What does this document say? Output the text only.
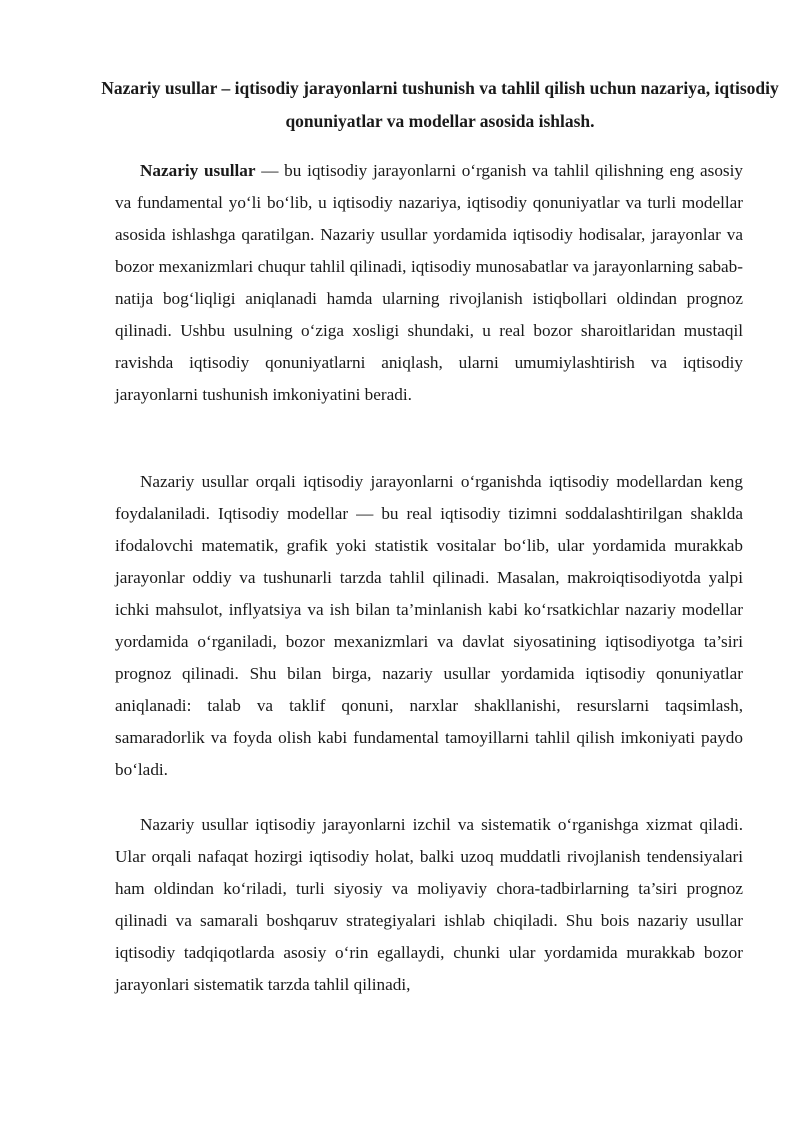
Nazariy usullar – iqtisodiy jarayonlarni tushunish va tahlil qilish uchun nazariya, iqtisodiy qonuniyatlar va modellar asosida ishlash.

Nazariy usullar — bu iqtisodiy jarayonlarni o‘rganish va tahlil qilishning eng asosiy va fundamental yo‘li bo‘lib, u iqtisodiy nazariya, iqtisodiy qonuniyatlar va turli modellar asosida ishlashga qaratilgan. Nazariy usullar yordamida iqtisodiy hodisalar, jarayonlar va bozor mexanizmlari chuqur tahlil qilinadi, iqtisodiy munosabatlar va jarayonlarning sabab-natija bog‘liqligi aniqlanadi hamda ularning rivojlanish istiqbollari oldindan prognoz qilinadi. Ushbu usulning o‘ziga xosligi shundaki, u real bozor sharoitlaridan mustaqil ravishda iqtisodiy qonuniyatlarni aniqlash, ularni umumiylashtirish va iqtisodiy jarayonlarni tushunish imkoniyatini beradi.

Nazariy usullar orqali iqtisodiy jarayonlarni o‘rganishda iqtisodiy modellardan keng foydalaniladi. Iqtisodiy modellar — bu real iqtisodiy tizimni soddalashtirilgan shaklda ifodalovchi matematik, grafik yoki statistik vositalar bo‘lib, ular yordamida murakkab jarayonlar oddiy va tushunarli tarzda tahlil qilinadi. Masalan, makroiqtisodiyotda yalpi ichki mahsulot, inflyatsiya va ish bilan ta’minlanish kabi ko‘rsatkichlar nazariy modellar yordamida o‘rganiladi, bozor mexanizmlari va davlat siyosatining iqtisodiyotga ta’siri prognoz qilinadi. Shu bilan birga, nazariy usullar yordamida iqtisodiy qonuniyatlar aniqlanadi: talab va taklif qonuni, narxlar shakllanishi, resurslarni taqsimlash, samaradorlik va foyda olish kabi fundamental tamoyillarni tahlil qilish imkoniyati paydo bo‘ladi.

Nazariy usullar iqtisodiy jarayonlarni izchil va sistematik o‘rganishga xizmat qiladi. Ular orqali nafaqat hozirgi iqtisodiy holat, balki uzoq muddatli rivojlanish tendensiyalari ham oldindan ko‘riladi, turli siyosiy va moliyaviy chora-tadbirlarning ta’siri prognoz qilinadi va samarali boshqaruv strategiyalari ishlab chiqiladi. Shu bois nazariy usullar iqtisodiy tadqiqotlarda asosiy o‘rin egallaydi, chunki ular yordamida murakkab bozor jarayonlari sistematik tarzda tahlil qilinadi,
